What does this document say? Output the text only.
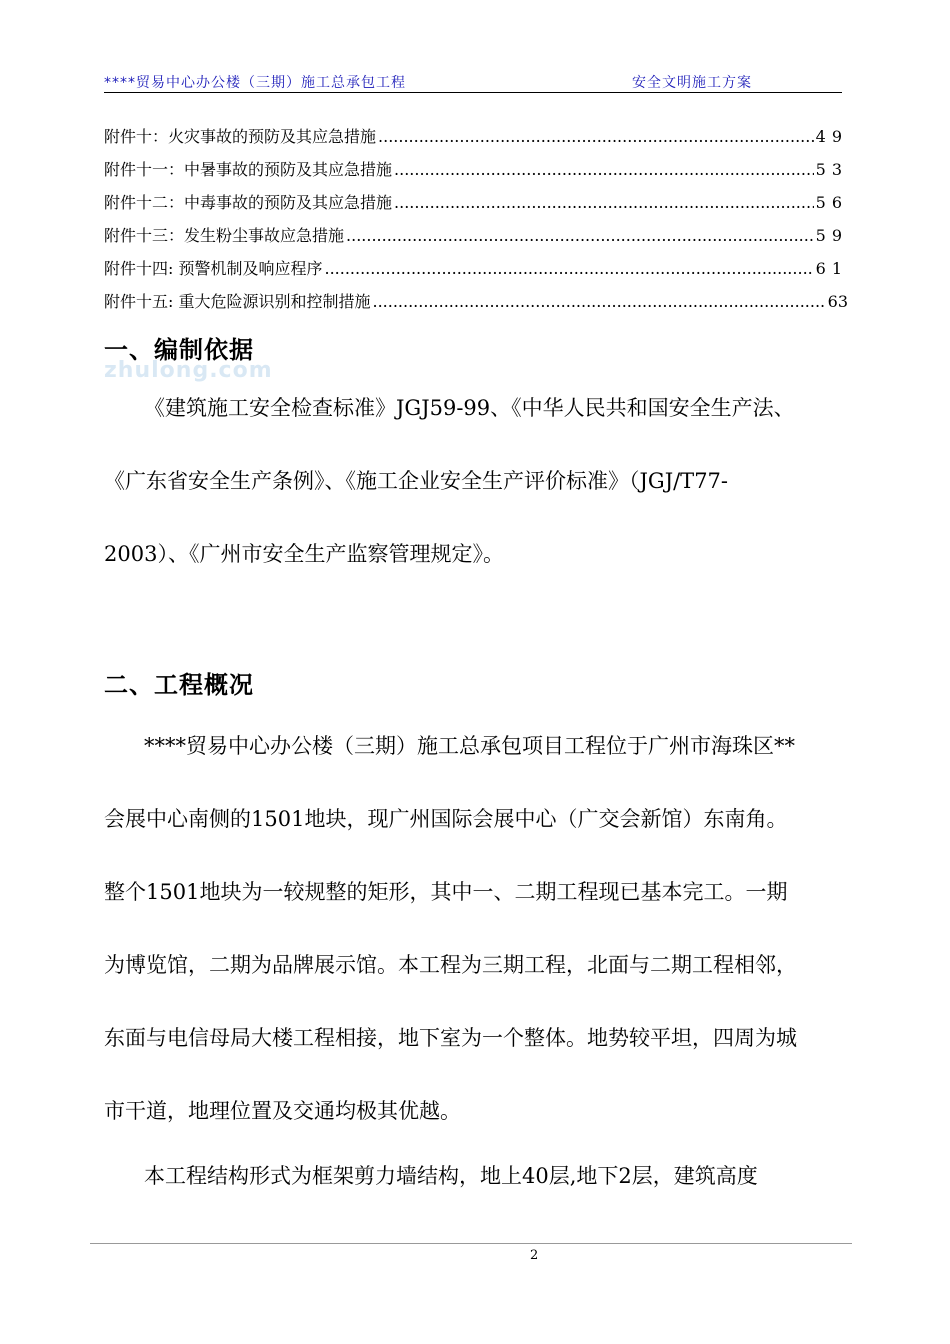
****贸易中心办公楼（三期）施工总承包工程	安全文明施工方案
附件十：火灾事故的预防及其应急措施 .....	49
附件十一：中暑事故的预防及其应急措施 .....	53
附件十二：中毒事故的预防及其应急措施 .....	56
附件十三：发生粉尘事故应急措施 .....	59
附件十四: 预警机制及响应程序 .....	61
附件十五: 重大危险源识别和控制措施 .....	63
一、编制依据
zhulong.com
《建筑施工安全检查标准》JGJ59-99、《中华人民共和国安全生产法、
《广东省安全生产条例》、《施工企业安全生产评价标准》（JGJ/T77-
2003）、《广州市安全生产监察管理规定》。
二、工程概况
****贸易中心办公楼（三期）施工总承包项目工程位于广州市海珠区**
会展中心南侧的1501地块，现广州国际会展中心（广交会新馆）东南角。
整个1501地块为一较规整的矩形，其中一、二期工程现已基本完工。一期
为博览馆，二期为品牌展示馆。本工程为三期工程，北面与二期工程相邻，
东面与电信母局大楼工程相接，地下室为一个整体。地势较平坦，四周为城
市干道，地理位置及交通均极其优越。
本工程结构形式为框架剪力墙结构，地上40层,地下2层，建筑高度
2
